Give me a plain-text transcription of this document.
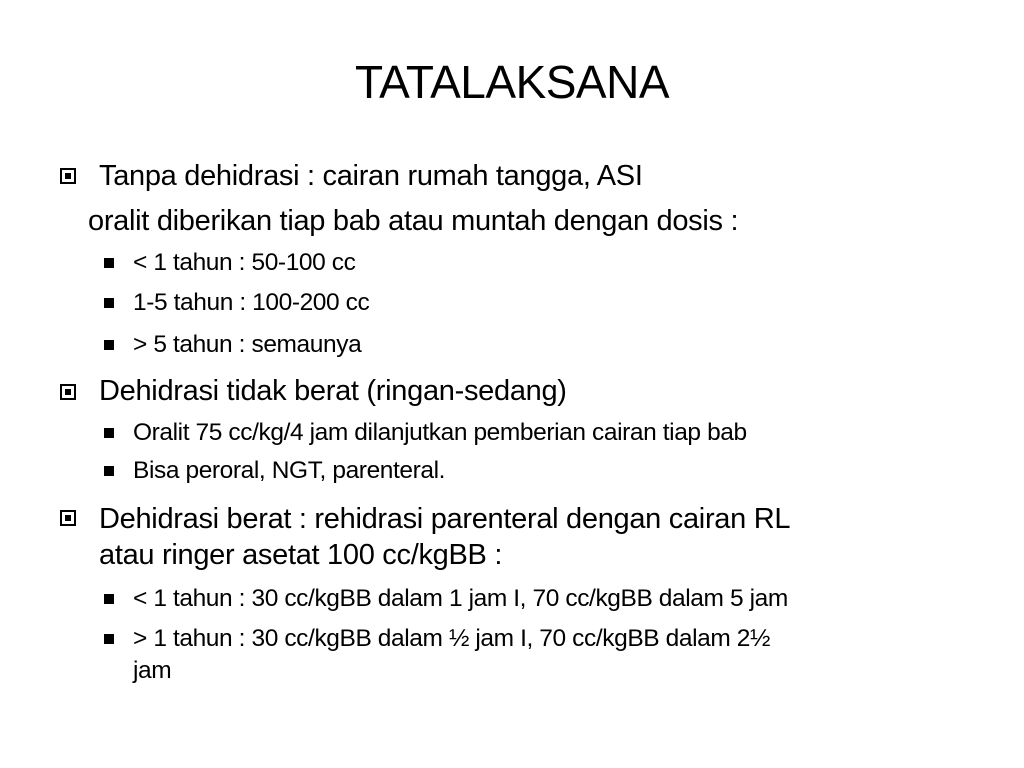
TATALAKSANA
Tanpa dehidrasi : cairan rumah tangga, ASI
oralit diberikan tiap bab atau muntah dengan dosis :
< 1 tahun : 50-100 cc
1-5 tahun : 100-200 cc
> 5 tahun : semaunya
Dehidrasi tidak berat (ringan-sedang)
Oralit 75 cc/kg/4 jam dilanjutkan pemberian cairan tiap bab
Bisa peroral, NGT, parenteral.
Dehidrasi berat : rehidrasi parenteral dengan cairan RL
atau ringer asetat 100 cc/kgBB :
< 1 tahun : 30 cc/kgBB dalam 1 jam I, 70 cc/kgBB dalam 5 jam
> 1 tahun : 30 cc/kgBB dalam ½ jam I, 70 cc/kgBB dalam 2½
jam
